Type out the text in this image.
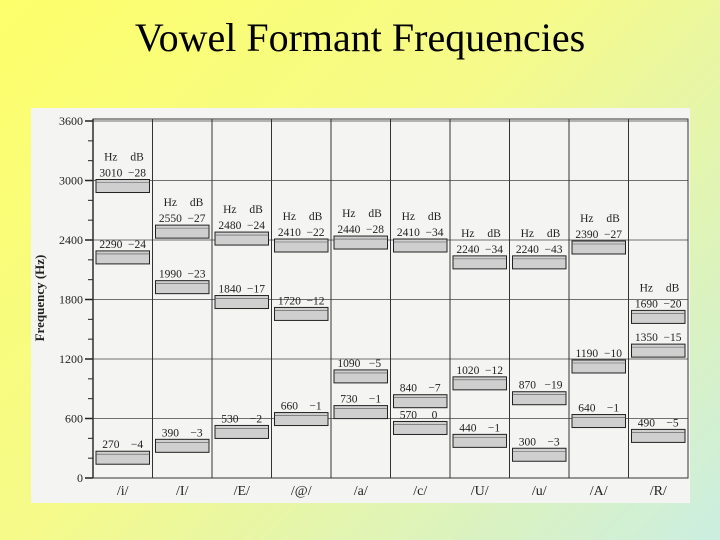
Vowel Formant Frequencies
0
600
1200
1800
2400
3000
3600
270 −4
2290 −24
3010 −28
Hz dB
/i/
390 −3
1990 −23
2550 −27
Hz dB
/I/
530 −2
1840 −17
2480 −24
Hz dB
/E/
660 −1
1720 −12
2410 −22
Hz dB
/@/
730 −1
1090 −5
2440 −28
Hz dB
/a/
570 0
840 −7
2410 −34
Hz dB
/c/
440 −1
1020 −12
2240 −34
Hz dB
/U/
300 −3
870 −19
2240 −43
Hz dB
/u/
640 −1
1190 −10
2390 −27
Hz dB
/A/
490 −5
1350 −15
1690 −20
Hz dB
/R/
Frequency (Hz)
